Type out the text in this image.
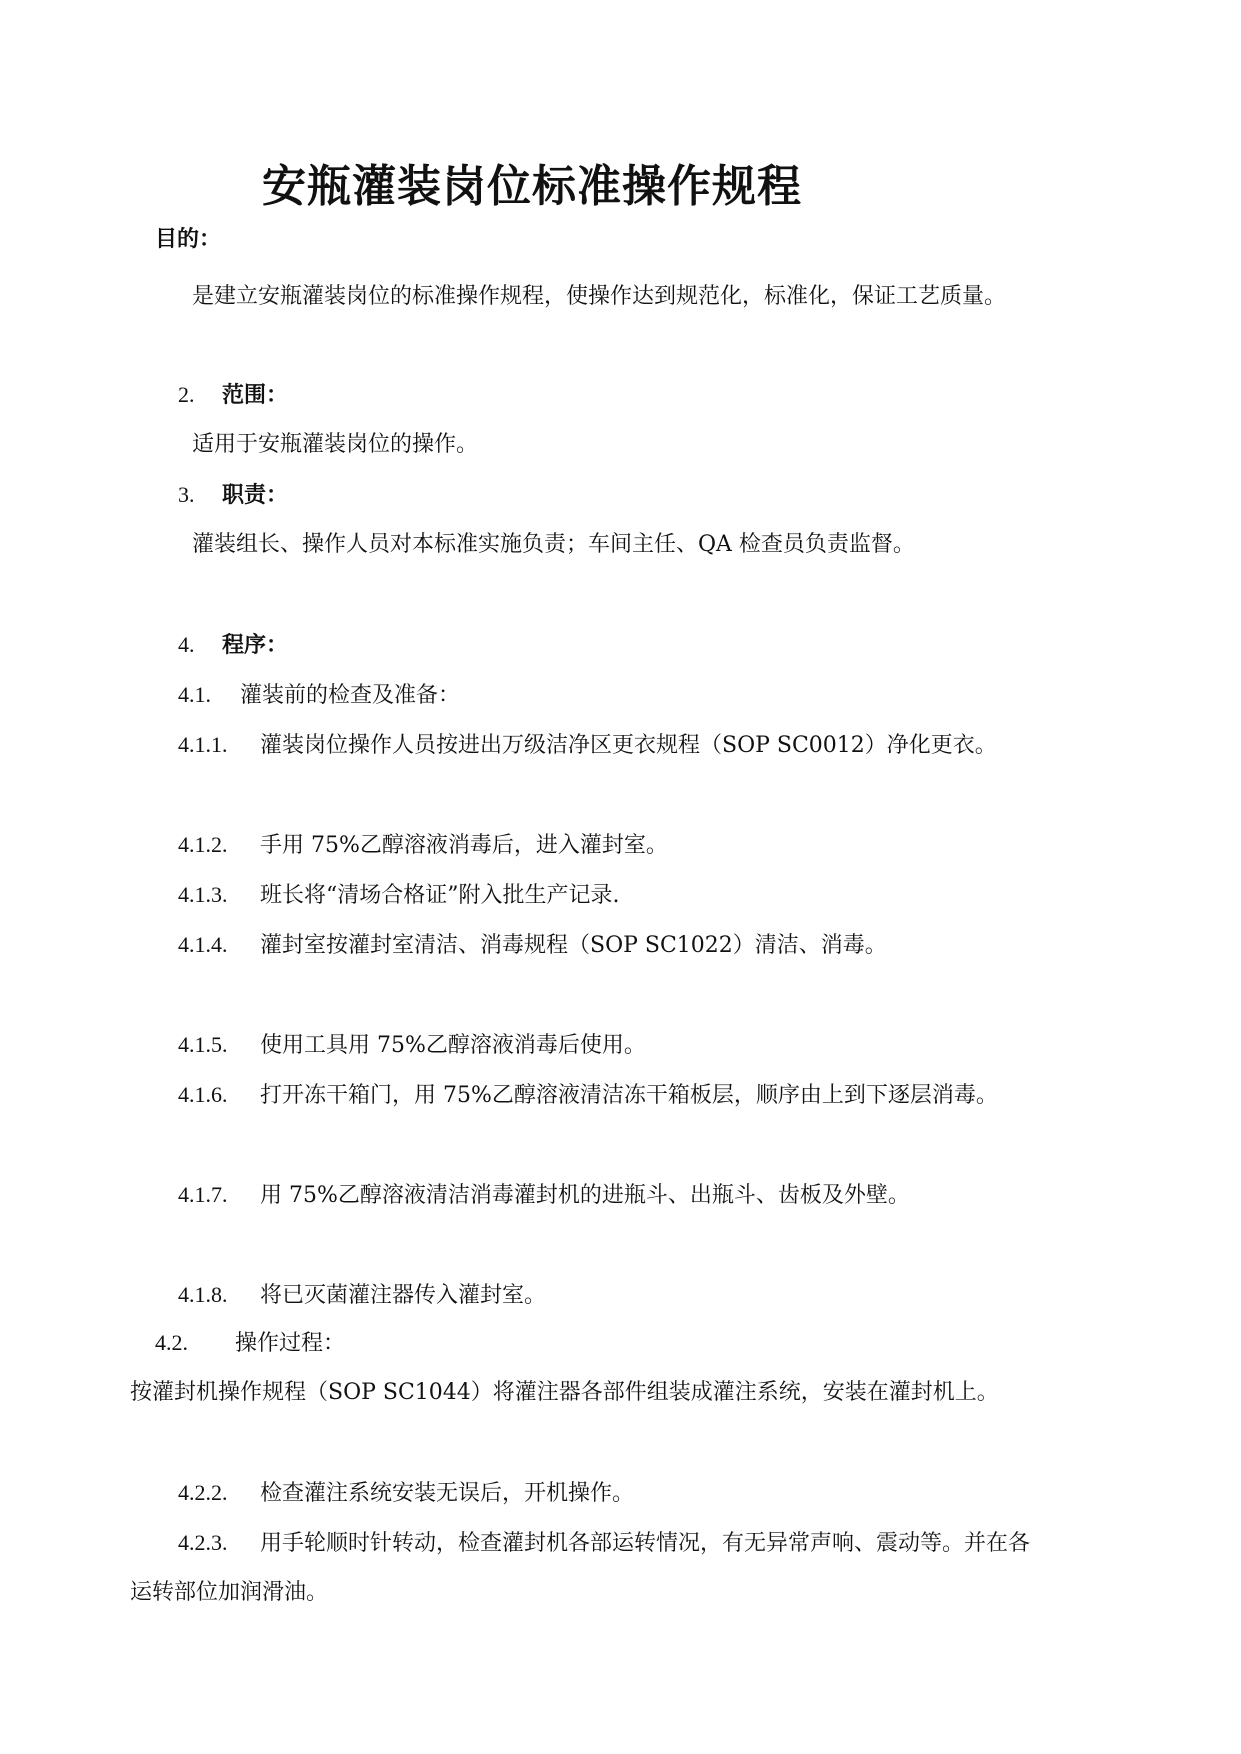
安瓶灌装岗位标准操作规程
目的：
是建立安瓶灌装岗位的标准操作规程，使操作达到规范化，标准化，保证工艺质量。
2. 范围：
适用于安瓶灌装岗位的操作。
3. 职责：
灌装组长、操作人员对本标准实施负责；车间主任、QA 检查员负责监督。
4. 程序：
4.1. 灌装前的检查及准备：
4.1.1. 灌装岗位操作人员按进出万级洁净区更衣规程（SOP SC0012）净化更衣。
4.1.2. 手用 75%乙醇溶液消毒后，进入灌封室。
4.1.3. 班长将“清场合格证”附入批生产记录.
4.1.4. 灌封室按灌封室清洁、消毒规程（SOP SC1022）清洁、消毒。
4.1.5. 使用工具用 75%乙醇溶液消毒后使用。
4.1.6. 打开冻干箱门，用 75%乙醇溶液清洁冻干箱板层，顺序由上到下逐层消毒。
4.1.7. 用 75%乙醇溶液清洁消毒灌封机的进瓶斗、出瓶斗、齿板及外壁。
4.1.8. 将已灭菌灌注器传入灌封室。
4.2. 操作过程：
按灌封机操作规程（SOP SC1044）将灌注器各部件组装成灌注系统，安装在灌封机上。
4.2.2. 检查灌注系统安装无误后，开机操作。
4.2.3. 用手轮顺时针转动，检查灌封机各部运转情况，有无异常声响、震动等。并在各
运转部位加润滑油。
